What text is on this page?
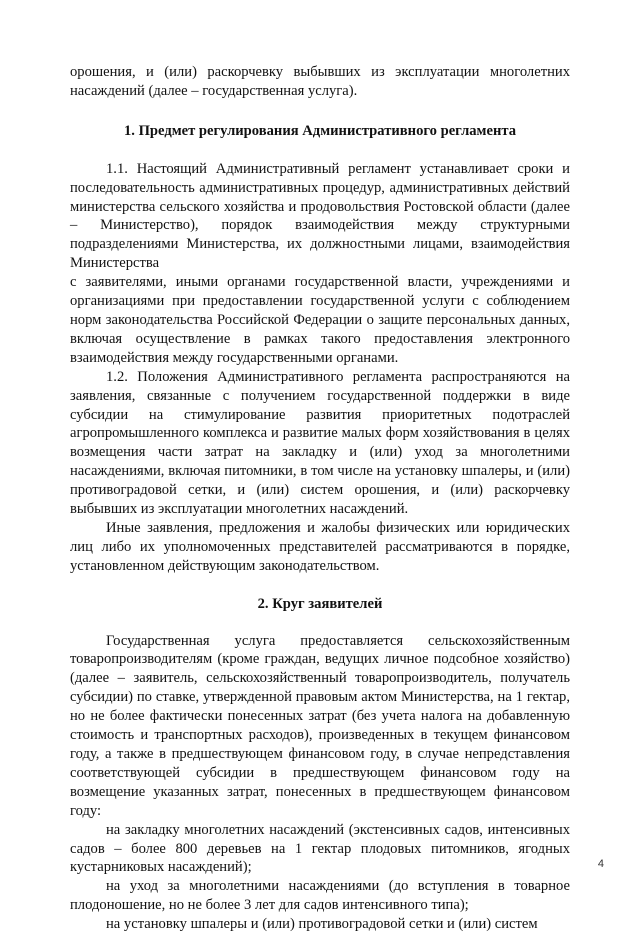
орошения, и (или) раскорчевку выбывших из эксплуатации многолетних насаждений (далее – государственная услуга).

1. Предмет регулирования Административного регламента

1.1. Настоящий Административный регламент устанавливает сроки и последовательность административных процедур, административных действий министерства сельского хозяйства и продовольствия Ростовской области (далее – Министерство), порядок взаимодействия между структурными подразделениями Министерства, их должностными лицами, взаимодействия Министерства

с заявителями, иными органами государственной власти, учреждениями и организациями при предоставлении государственной услуги с соблюдением норм законодательства Российской Федерации о защите персональных данных, включая осуществление в рамках такого предоставления электронного взаимодействия между государственными органами.

1.2. Положения Административного регламента распространяются на заявления, связанные с получением государственной поддержки в виде субсидии на стимулирование развития приоритетных подотраслей агропромышленного комплекса и развитие малых форм хозяйствования в целях возмещения части затрат на закладку и (или) уход за многолетними насаждениями, включая питомники, в том числе на установку шпалеры, и (или) противоградовой сетки, и (или) систем орошения, и (или) раскорчевку выбывших из эксплуатации многолетних насаждений.

Иные заявления, предложения и жалобы физических или юридических лиц либо их уполномоченных представителей рассматриваются в порядке, установленном действующим законодательством.

2. Круг заявителей

Государственная услуга предоставляется сельскохозяйственным товаропроизводителям (кроме граждан, ведущих личное подсобное хозяйство) (далее – заявитель, сельскохозяйственный товаропроизводитель, получатель субсидии) по ставке, утвержденной правовым актом Министерства, на 1 гектар, но не более фактически понесенных затрат (без учета налога на добавленную стоимость и транспортных расходов), произведенных в текущем финансовом году, а также в предшествующем финансовом году, в случае непредставления соответствующей субсидии в предшествующем финансовом году на возмещение указанных затрат, понесенных в предшествующем финансовом году:

на закладку многолетних насаждений (экстенсивных садов, интенсивных садов – более 800 деревьев на 1 гектар плодовых питомников, ягодных кустарниковых насаждений);

на уход за многолетними насаждениями (до вступления в товарное плодоношение, но не более 3 лет для садов интенсивного типа);

на установку шпалеры и (или) противоградовой сетки и (или) систем

4
